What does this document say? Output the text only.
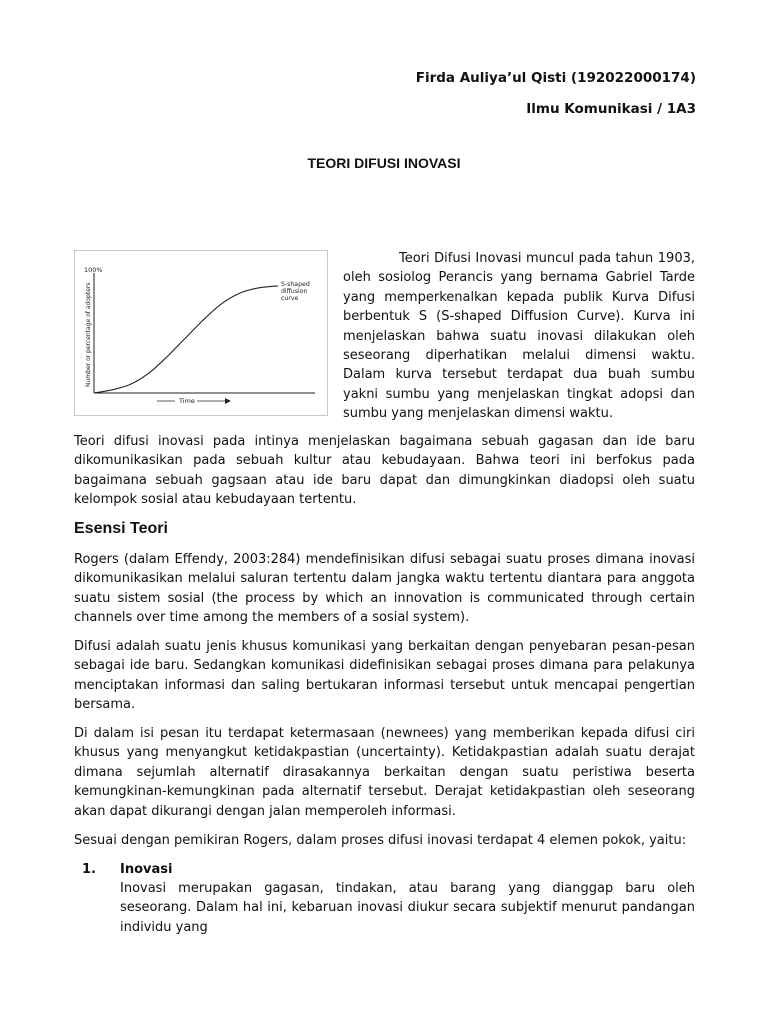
Firda Auliya’ul Qisti (192022000174)
Ilmu Komunikasi / 1A3
TEORI DIFUSI INOVASI
100%
Number or percentage of adopters
Time
S-shaped
diffusion
curve

Teori Difusi Inovasi muncul pada tahun 1903, oleh sosiolog Perancis yang bernama Gabriel Tarde yang memperkenalkan kepada publik Kurva Difusi berbentuk S (S-shaped Diffusion Curve). Kurva ini menjelaskan bahwa suatu inovasi dilakukan oleh seseorang diperhatikan melalui dimensi waktu. Dalam kurva tersebut terdapat dua buah sumbu yakni sumbu yang menjelaskan tingkat adopsi dan sumbu yang menjelaskan dimensi waktu.

Teori difusi inovasi pada intinya menjelaskan bagaimana sebuah gagasan dan ide baru dikomunikasikan pada sebuah kultur atau kebudayaan. Bahwa teori ini berfokus pada bagaimana sebuah gagsaan atau ide baru dapat dan dimungkinkan diadopsi oleh suatu kelompok sosial atau kebudayaan tertentu.

Esensi Teori

Rogers (dalam Effendy, 2003:284) mendefinisikan difusi sebagai suatu proses dimana inovasi dikomunikasikan melalui saluran tertentu dalam jangka waktu tertentu diantara para anggota suatu sistem sosial (the process by which an innovation is communicated through certain channels over time among the members of a sosial system).

Difusi adalah suatu jenis khusus komunikasi yang berkaitan dengan penyebaran pesan-pesan sebagai ide baru. Sedangkan komunikasi didefinisikan sebagai proses dimana para pelakunya menciptakan informasi dan saling bertukaran informasi tersebut untuk mencapai pengertian bersama.

Di dalam isi pesan itu terdapat ketermasaan (newnees) yang memberikan kepada difusi ciri khusus yang menyangkut ketidakpastian (uncertainty). Ketidakpastian adalah suatu derajat dimana sejumlah alternatif dirasakannya berkaitan dengan suatu peristiwa beserta kemungkinan-kemungkinan pada alternatif tersebut. Derajat ketidakpastian oleh seseorang akan dapat dikurangi dengan jalan memperoleh informasi.

Sesuai dengan pemikiran Rogers, dalam proses difusi inovasi terdapat 4 elemen pokok, yaitu:

1. Inovasi

Inovasi merupakan gagasan, tindakan, atau barang yang dianggap baru oleh seseorang. Dalam hal ini, kebaruan inovasi diukur secara subjektif menurut pandangan individu yang
